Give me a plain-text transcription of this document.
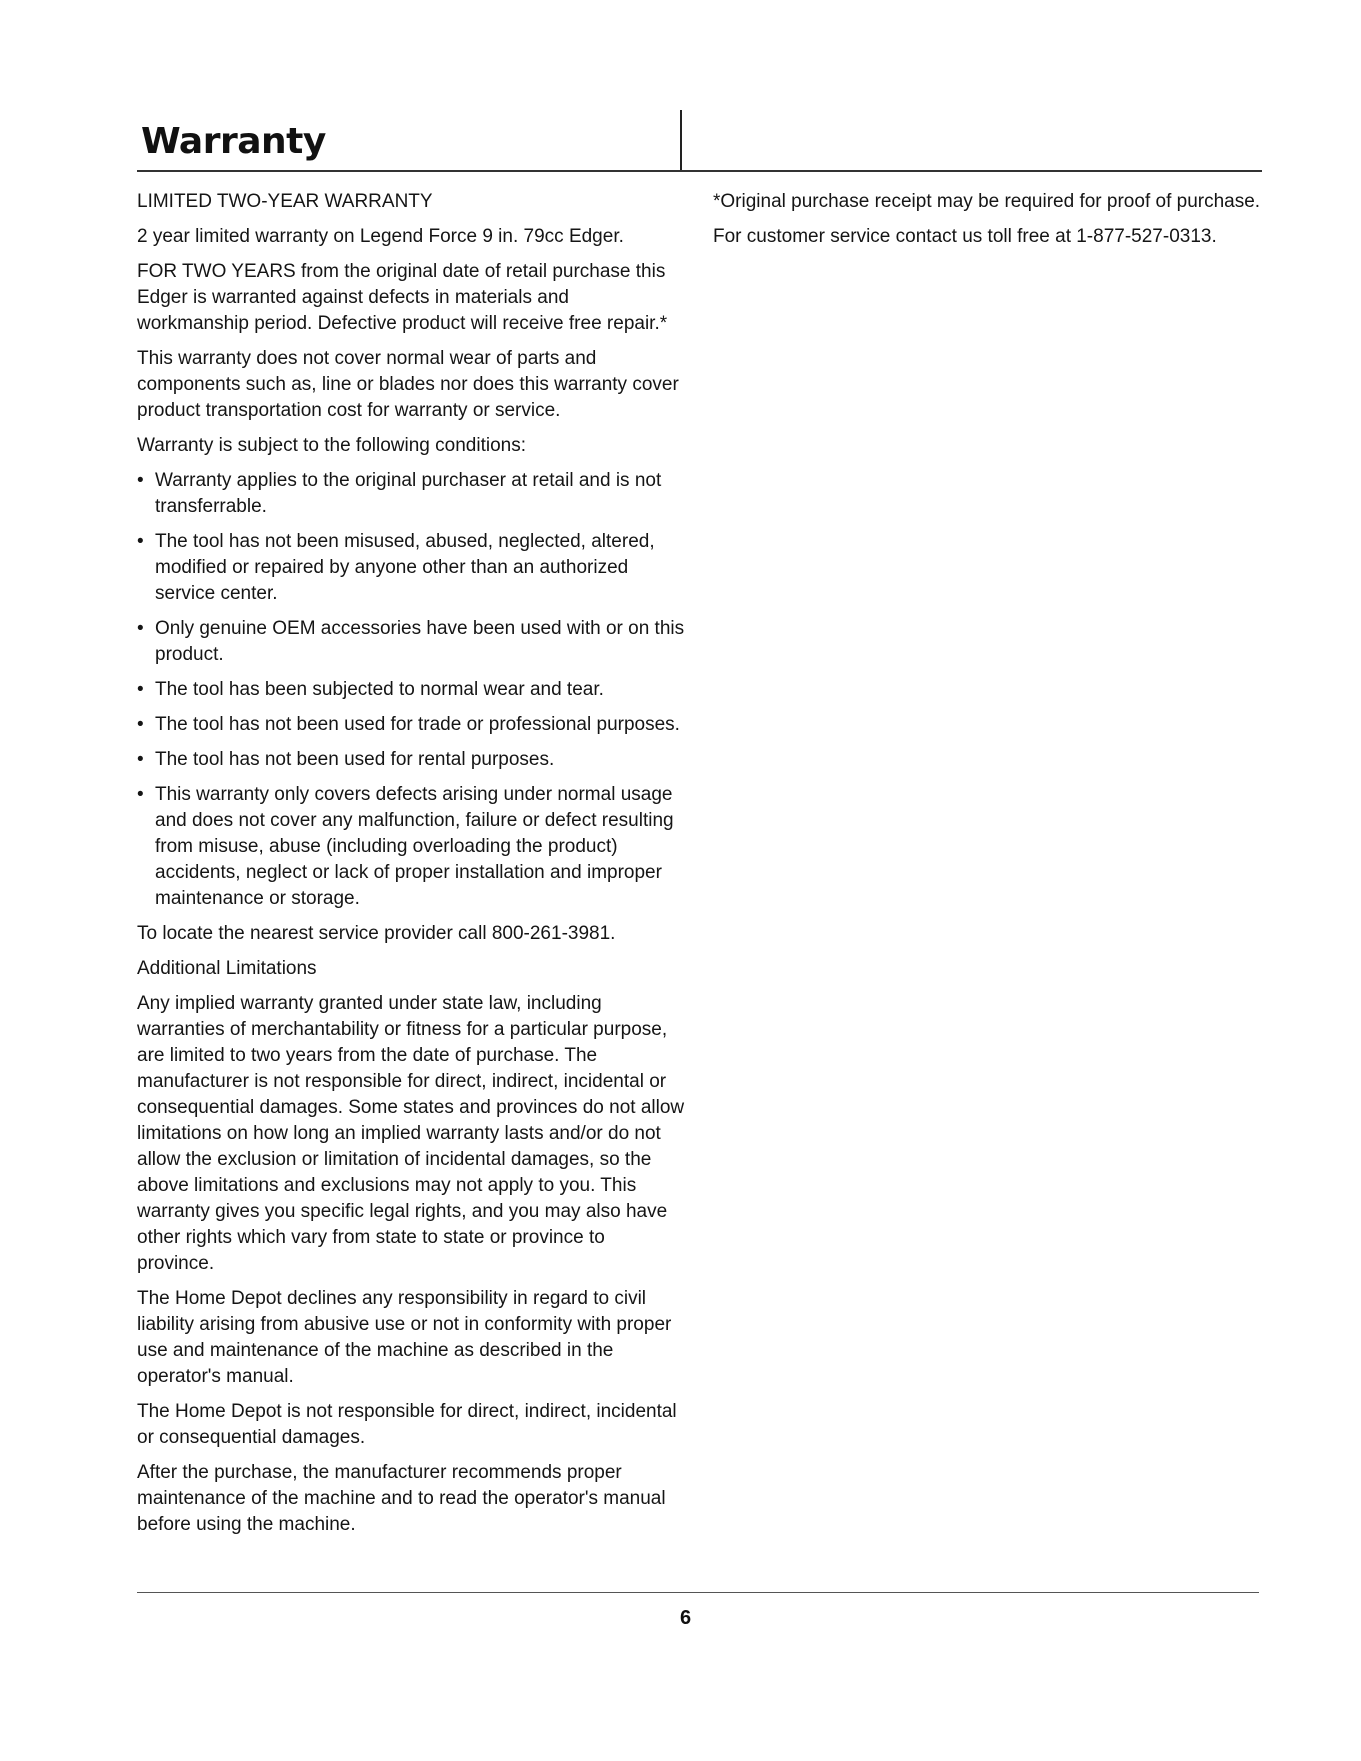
Warranty

LIMITED TWO-YEAR WARRANTY

2 year limited warranty on Legend Force 9 in. 79cc Edger.

FOR TWO YEARS from the original date of retail purchase this Edger is warranted against defects in materials and workmanship period. Defective product will receive free repair.*

This warranty does not cover normal wear of parts and components such as, line or blades nor does this warranty cover product transportation cost for warranty or service.

Warranty is subject to the following conditions:

• Warranty applies to the original purchaser at retail and is not transferrable.
• The tool has not been misused, abused, neglected, altered, modified or repaired by anyone other than an authorized service center.
• Only genuine OEM accessories have been used with or on this product.
• The tool has been subjected to normal wear and tear.
• The tool has not been used for trade or professional purposes.
• The tool has not been used for rental purposes.
• This warranty only covers defects arising under normal usage and does not cover any malfunction, failure or defect resulting from misuse, abuse (including overloading the product) accidents, neglect or lack of proper installation and improper maintenance or storage.

To locate the nearest service provider call 800-261-3981.

Additional Limitations

Any implied warranty granted under state law, including warranties of merchantability or fitness for a particular purpose, are limited to two years from the date of purchase. The manufacturer is not responsible for direct, indirect, incidental or consequential damages. Some states and provinces do not allow limitations on how long an implied warranty lasts and/or do not allow the exclusion or limitation of incidental damages, so the above limitations and exclusions may not apply to you. This warranty gives you specific legal rights, and you may also have other rights which vary from state to state or province to province.

The Home Depot declines any responsibility in regard to civil liability arising from abusive use or not in conformity with proper use and maintenance of the machine as described in the operator's manual.

The Home Depot is not responsible for direct, indirect, incidental or consequential damages.

After the purchase, the manufacturer recommends proper maintenance of the machine and to read the operator's manual before using the machine.

*Original purchase receipt may be required for proof of purchase.

For customer service contact us toll free at 1-877-527-0313.

6
